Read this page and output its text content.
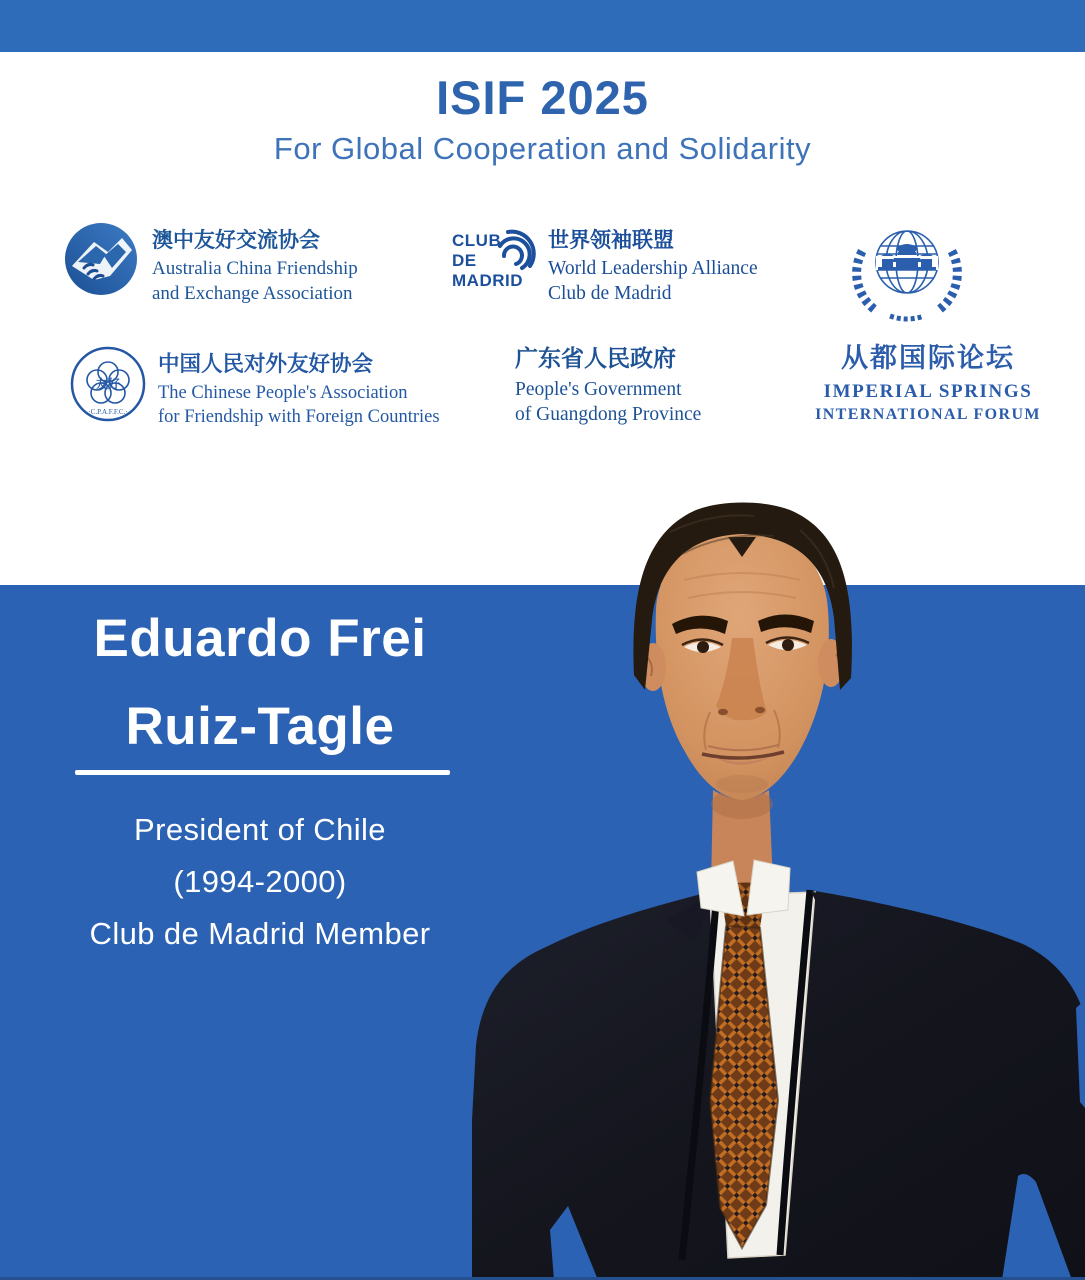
ISIF 2025
For Global Cooperation and Solidarity
澳中友好交流协会
Australia China Friendship
and Exchange Association
CLUB
DE
MADRID
世界领袖联盟
World Leadership Alliance
Club de Madrid
友好
·C.P.A.F.F.C.·
中国人民对外友好协会
The Chinese People's Association
for Friendship with Foreign Countries
广东省人民政府
People's Government
of Guangdong Province
从都国际论坛
IMPERIAL SPRINGS
INTERNATIONAL FORUM
Eduardo Frei
Ruiz-Tagle
President of Chile
(1994-2000)
Club de Madrid Member
